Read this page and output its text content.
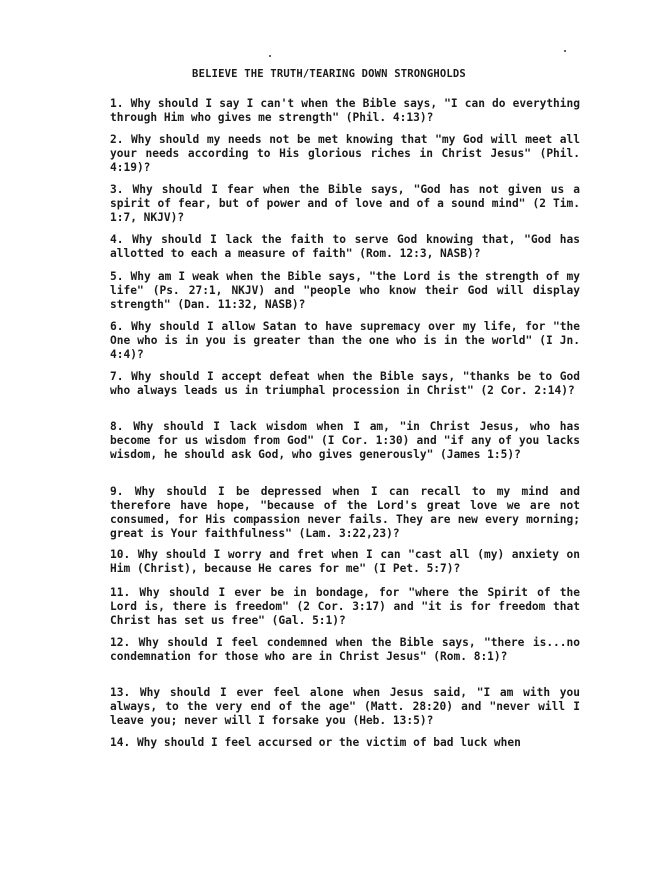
BELIEVE THE TRUTH/TEARING DOWN STRONGHOLDS
1. Why should I say I can't when the Bible says, "I can do everything through Him who gives me strength" (Phil. 4:13)?
2. Why should my needs not be met knowing that "my God will meet all your needs according to His glorious riches in Christ Jesus" (Phil. 4:19)?
3. Why should I fear when the Bible says, "God has not given us a spirit of fear, but of power and of love and of a sound mind" (2 Tim. 1:7, NKJV)?
4. Why should I lack the faith to serve God knowing that, "God has allotted to each a measure of faith" (Rom. 12:3, NASB)?
5. Why am I weak when the Bible says, "the Lord is the strength of my life" (Ps. 27:1, NKJV) and "people who know their God will display strength" (Dan. 11:32, NASB)?
6. Why should I allow Satan to have supremacy over my life, for "the One who is in you is greater than the one who is in the world" (I Jn. 4:4)?
7. Why should I accept defeat when the Bible says, "thanks be to God who always leads us in triumphal procession in Christ" (2 Cor. 2:14)?
8. Why should I lack wisdom when I am, "in Christ Jesus, who has become for us wisdom from God" (I Cor. 1:30) and "if any of you lacks wisdom, he should ask God, who gives generously" (James 1:5)?
9. Why should I be depressed when I can recall to my mind and therefore have hope, "because of the Lord's great love we are not consumed, for His compassion never fails. They are new every morning; great is Your faithfulness" (Lam. 3:22,23)?
10. Why should I worry and fret when I can "cast all (my) anxiety on Him (Christ), because He cares for me" (I Pet. 5:7)?
11. Why should I ever be in bondage, for "where the Spirit of the Lord is, there is freedom" (2 Cor. 3:17) and "it is for freedom that Christ has set us free" (Gal. 5:1)?
12. Why should I feel condemned when the Bible says, "there is...no condemnation for those who are in Christ Jesus" (Rom. 8:1)?
13. Why should I ever feel alone when Jesus said, "I am with you always, to the very end of the age" (Matt. 28:20) and "never will I leave you; never will I forsake you (Heb. 13:5)?
14. Why should I feel accursed or the victim of bad luck when
